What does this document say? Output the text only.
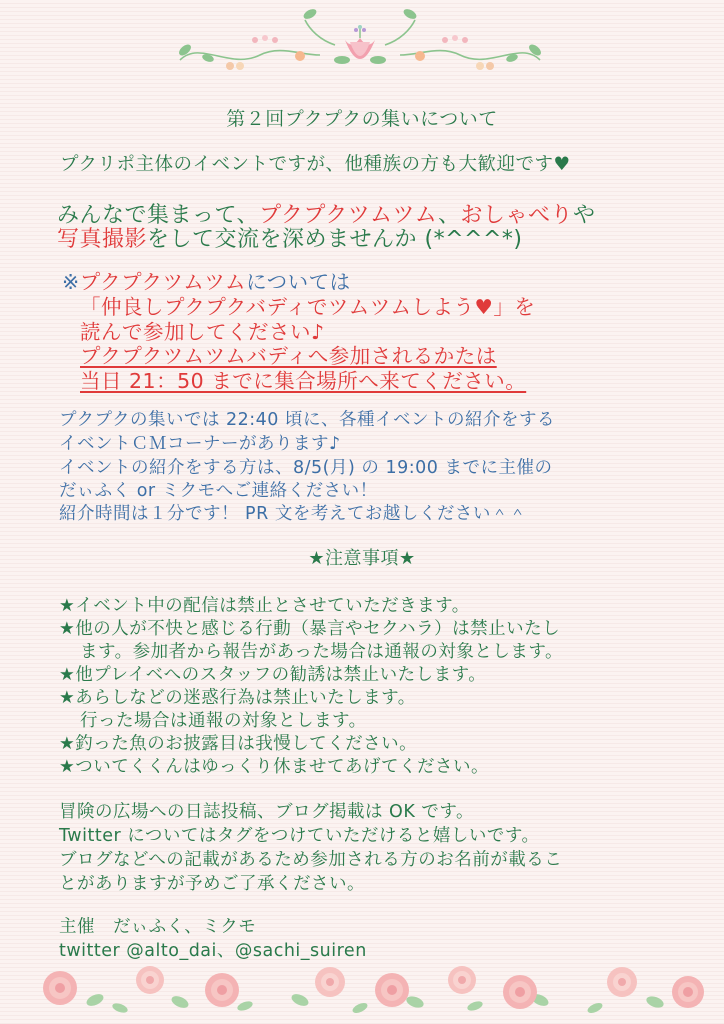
第２回プクプクの集いについて
プクリポ主体のイベントですが、他種族の方も大歓迎です♥
みんなで集まって、プクプクツムツム、おしゃべりや
写真撮影をして交流を深めませんか (*^^^*)
※プクプクツムツムについては
「仲良しプクプクバディでツムツムしよう♥」を
読んで参加してください♪
プクプクツムツムバディへ参加されるかたは
当日 21：50 までに集合場所へ来てください。
プクプクの集いでは 22:40 頃に、各種イベントの紹介をする
イベントＣＭコーナーがあります♪
イベントの紹介をする方は、8/5(月) の 19:00 までに主催の
だぃふく or ミクモへご連絡ください！
紹介時間は１分です！ PR 文を考えてお越しください＾＾
★注意事項★
★イベント中の配信は禁止とさせていただきます。
★他の人が不快と感じる行動（暴言やセクハラ）は禁止いたし
ます。参加者から報告があった場合は通報の対象とします。
★他プレイベへのスタッフの勧誘は禁止いたします。
★あらしなどの迷惑行為は禁止いたします。
行った場合は通報の対象とします。
★釣った魚のお披露目は我慢してください。
★ついてくくんはゆっくり休ませてあげてください。
冒険の広場への日誌投稿、ブログ掲載は OK です。
Twitter についてはタグをつけていただけると嬉しいです。
ブログなどへの記載があるため参加される方のお名前が載るこ
とがありますが予めご了承ください。
主催　だぃふく、ミクモ
twitter @alto_dai、@sachi_suiren
